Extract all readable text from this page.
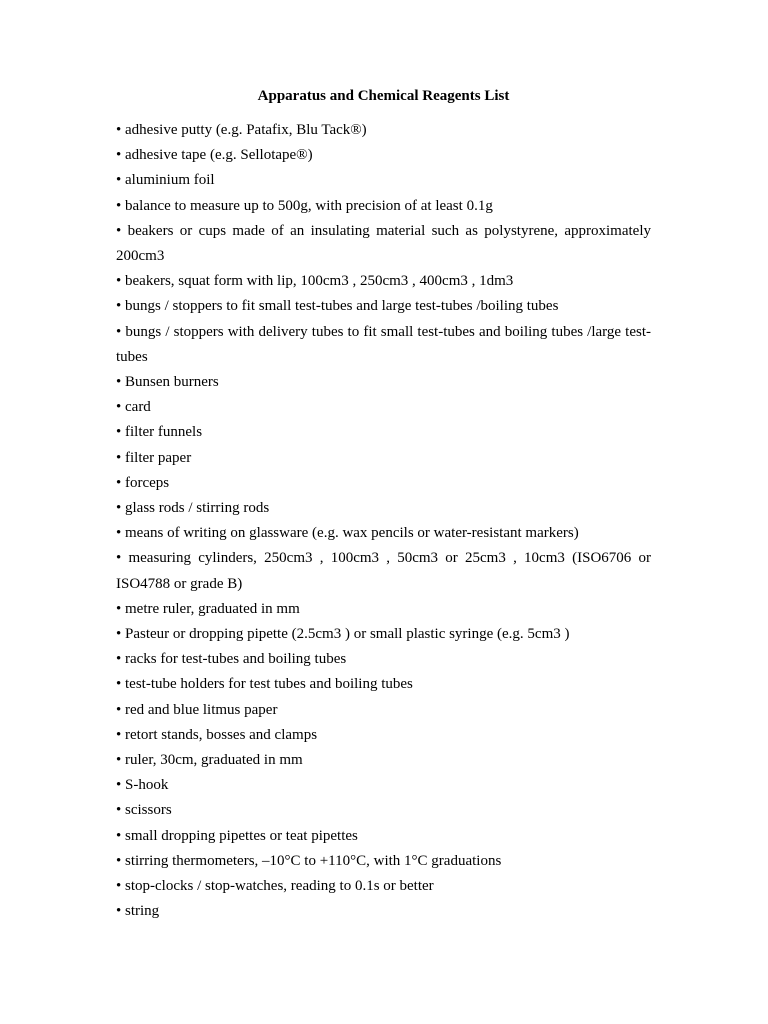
Apparatus and Chemical Reagents List
• adhesive putty (e.g. Patafix, Blu Tack®)
• adhesive tape (e.g. Sellotape®)
• aluminium foil
• balance to measure up to 500g, with precision of at least 0.1g
• beakers or cups made of an insulating material such as polystyrene, approximately 200cm3
• beakers, squat form with lip, 100cm3 , 250cm3 , 400cm3 , 1dm3
• bungs / stoppers to fit small test-tubes and large test-tubes /boiling tubes
• bungs / stoppers with delivery tubes to fit small test-tubes and boiling tubes /large test-tubes
• Bunsen burners
• card
• filter funnels
• filter paper
• forceps
• glass rods / stirring rods
• means of writing on glassware (e.g. wax pencils or water-resistant markers)
• measuring cylinders, 250cm3 , 100cm3 , 50cm3 or 25cm3 , 10cm3 (ISO6706 or ISO4788 or grade B)
• metre ruler, graduated in mm
• Pasteur or dropping pipette (2.5cm3 ) or small plastic syringe (e.g. 5cm3 )
• racks for test-tubes and boiling tubes
• test-tube holders for test tubes and boiling tubes
• red and blue litmus paper
• retort stands, bosses and clamps
• ruler, 30cm, graduated in mm
• S-hook
• scissors
• small dropping pipettes or teat pipettes
• stirring thermometers, –10°C to +110°C, with 1°C graduations
• stop-clocks / stop-watches, reading to 0.1s or better
• string
